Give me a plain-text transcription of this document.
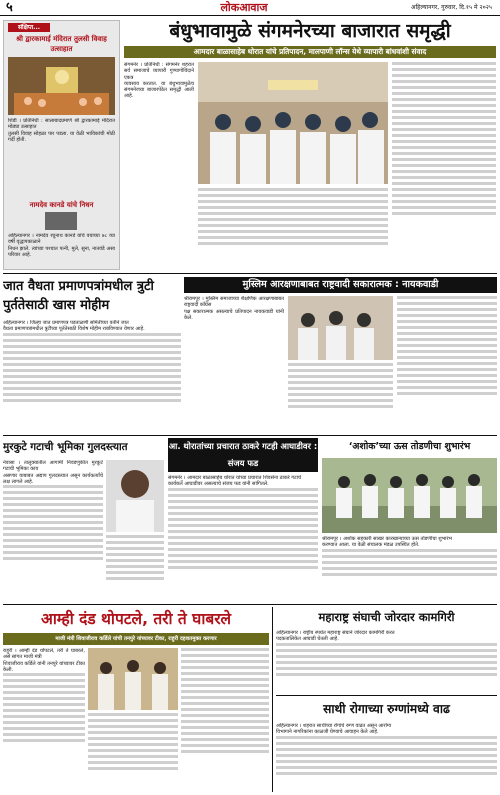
५	लोकआवाज	अहिल्यानगर, गुरुवार, दि.१५ मे २०२५
संक्षिप्त...
श्री द्वारकामाई मंदिरात तुलसी विवाह उत्साहात

शिर्डी । प्रतिनिधी : सालाबादप्रमाणे श्री द्वारकामाई मंदिरात मोठ्या उत्साहात

तुलसी विवाह सोहळा पार पडला. या वेळी भाविकांची मोठी गर्दी होती.

नामदेव कानडे यांचे निधन

अहिल्यानगर । नामदेव रघुनाथ कानडे यांचे वयाच्या ७८ व्या वर्षी वृद्धापकाळाने

निधन झाले. त्यांच्या पश्चात पत्नी, मुले, सुना, नातवंडे असा परिवार आहे.

बंधुभावामुळे संगमनेरच्या बाजारात समृद्धी
आमदार बाळासाहेब थोरात यांचे प्रतिपादन, मालपाणी लॉन्स येथे व्यापारी बांधवांशी संवाद

संगमनेर । प्रतिनिधी : संगमनेर शहरात सर्व समाजाचे व्यापारी गुण्यागोविंदाने एकत्र

व्यवसाय करतात. या बंधुभावामुळेच संगमनेरच्या बाजारपेठेत समृद्धी आली आहे.

जात वैधता प्रमाणपत्रांमधील त्रुटी पुर्ततेसाठी खास मोहीम

अहिल्यानगर । जिल्हा जात प्रमाणपत्र पडताळणी समितीच्या वतीने जात

वैधता प्रमाणपत्रांमधील त्रुटींच्या पूर्ततेसाठी विशेष मोहीम राबविण्यात येणार आहे.

मुस्लिम आरक्षणाबाबत राष्ट्रवादी सकारात्मक : नायकवाडी

श्रीरामपूर । मुस्लिम समाजाच्या शैक्षणिक आरक्षणाबाबत राष्ट्रवादी काँग्रेस

पक्ष सकारात्मक असल्याचे प्रतिपादन नायकवाडी यांनी केले.

मुरकुटे गटाची भूमिका गुलदस्त्यात

नेवासा । तालुक्यातील आगामी निवडणुकीत मुरकुटे गटाची भूमिका काय

असणार याबाबत अद्याप गुलदस्त्यात असून कार्यकर्त्यांचे लक्ष लागले आहे.

आ. थोरातांच्या प्रचारात ठाकरे गटही आघाडीवर : संजय फड

संगमनेर । आमदार बाळासाहेब थोरात यांच्या प्रचारात शिवसेना ठाकरे गटाचे

कार्यकर्ते आघाडीवर असल्याचे संजय फड यांनी सांगितले.

‘अशोक’च्या ऊस तोडणीचा शुभारंभ

श्रीरामपूर । अशोक सहकारी साखर कारखान्याच्या ऊस तोडणीचा शुभारंभ

करण्यात आला. या वेळी संचालक मंडळ उपस्थित होते.

आम्ही दंड थोपटले, तरी ते घाबरले
माजी मंत्री शिवाजीराव कर्डिले यांची तनपुरे यांच्यावर टीका, राहुरी दहशतमुक्त करणार

राहुरी । आम्ही दंड थोपटले, तरी ते घाबरले, असे सांगत माजी मंत्री

शिवाजीराव कर्डिले यांनी तनपुरे यांच्यावर टीका केली.

महाराष्ट्र संघाची जोरदार कामगिरी

अहिल्यानगर । राष्ट्रीय स्पर्धेत महाराष्ट्र संघाने जोरदार कामगिरी करत

पदकतालिकेत आघाडी घेतली आहे.

साथी रोगाच्या रुग्णांमध्ये वाढ

अहिल्यानगर । शहरात साथीच्या रोगांचे रुग्ण वाढत असून आरोग्य

विभागाने नागरिकांना काळजी घेण्याचे आवाहन केले आहे.
